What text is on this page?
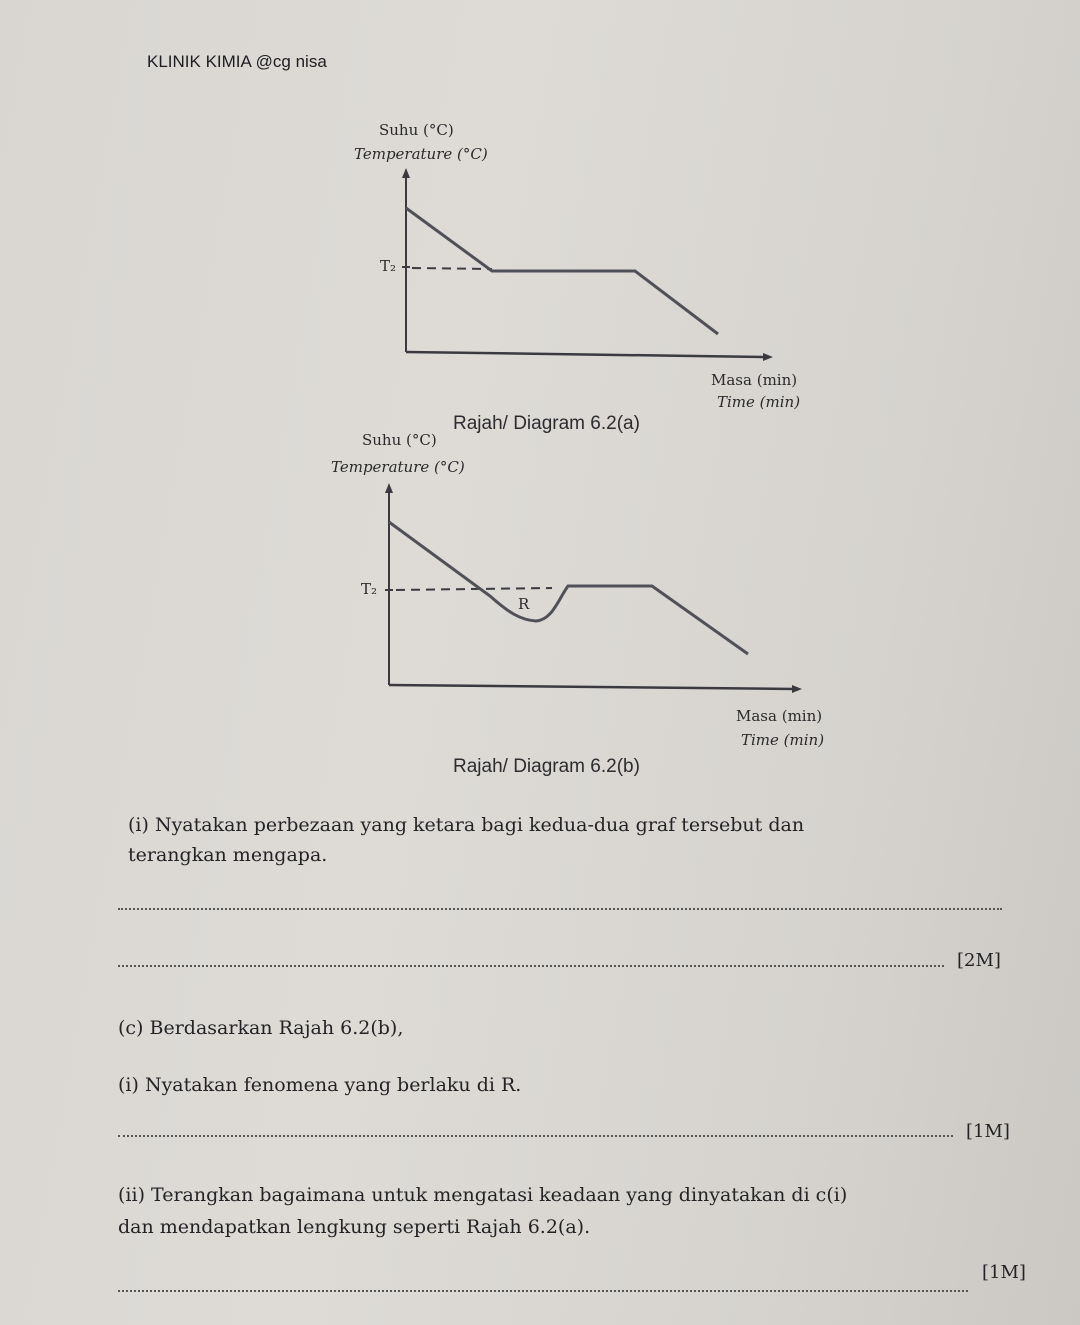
KLINIK KIMIA @cg nisa
Suhu (°C)
Temperature (°C)
T₂
Masa (min)
Time (min)
Rajah/ Diagram 6.2(a)
Suhu (°C)
Temperature (°C)
T₂
R
Masa (min)
Time (min)
Rajah/ Diagram 6.2(b)
(i) Nyatakan perbezaan yang ketara bagi kedua-dua graf tersebut dan
terangkan mengapa.
[2M]
(c) Berdasarkan Rajah 6.2(b),
(i) Nyatakan fenomena yang berlaku di R.
[1M]
(ii) Terangkan bagaimana untuk mengatasi keadaan yang dinyatakan di c(i)
dan mendapatkan lengkung seperti Rajah 6.2(a).
[1M]
